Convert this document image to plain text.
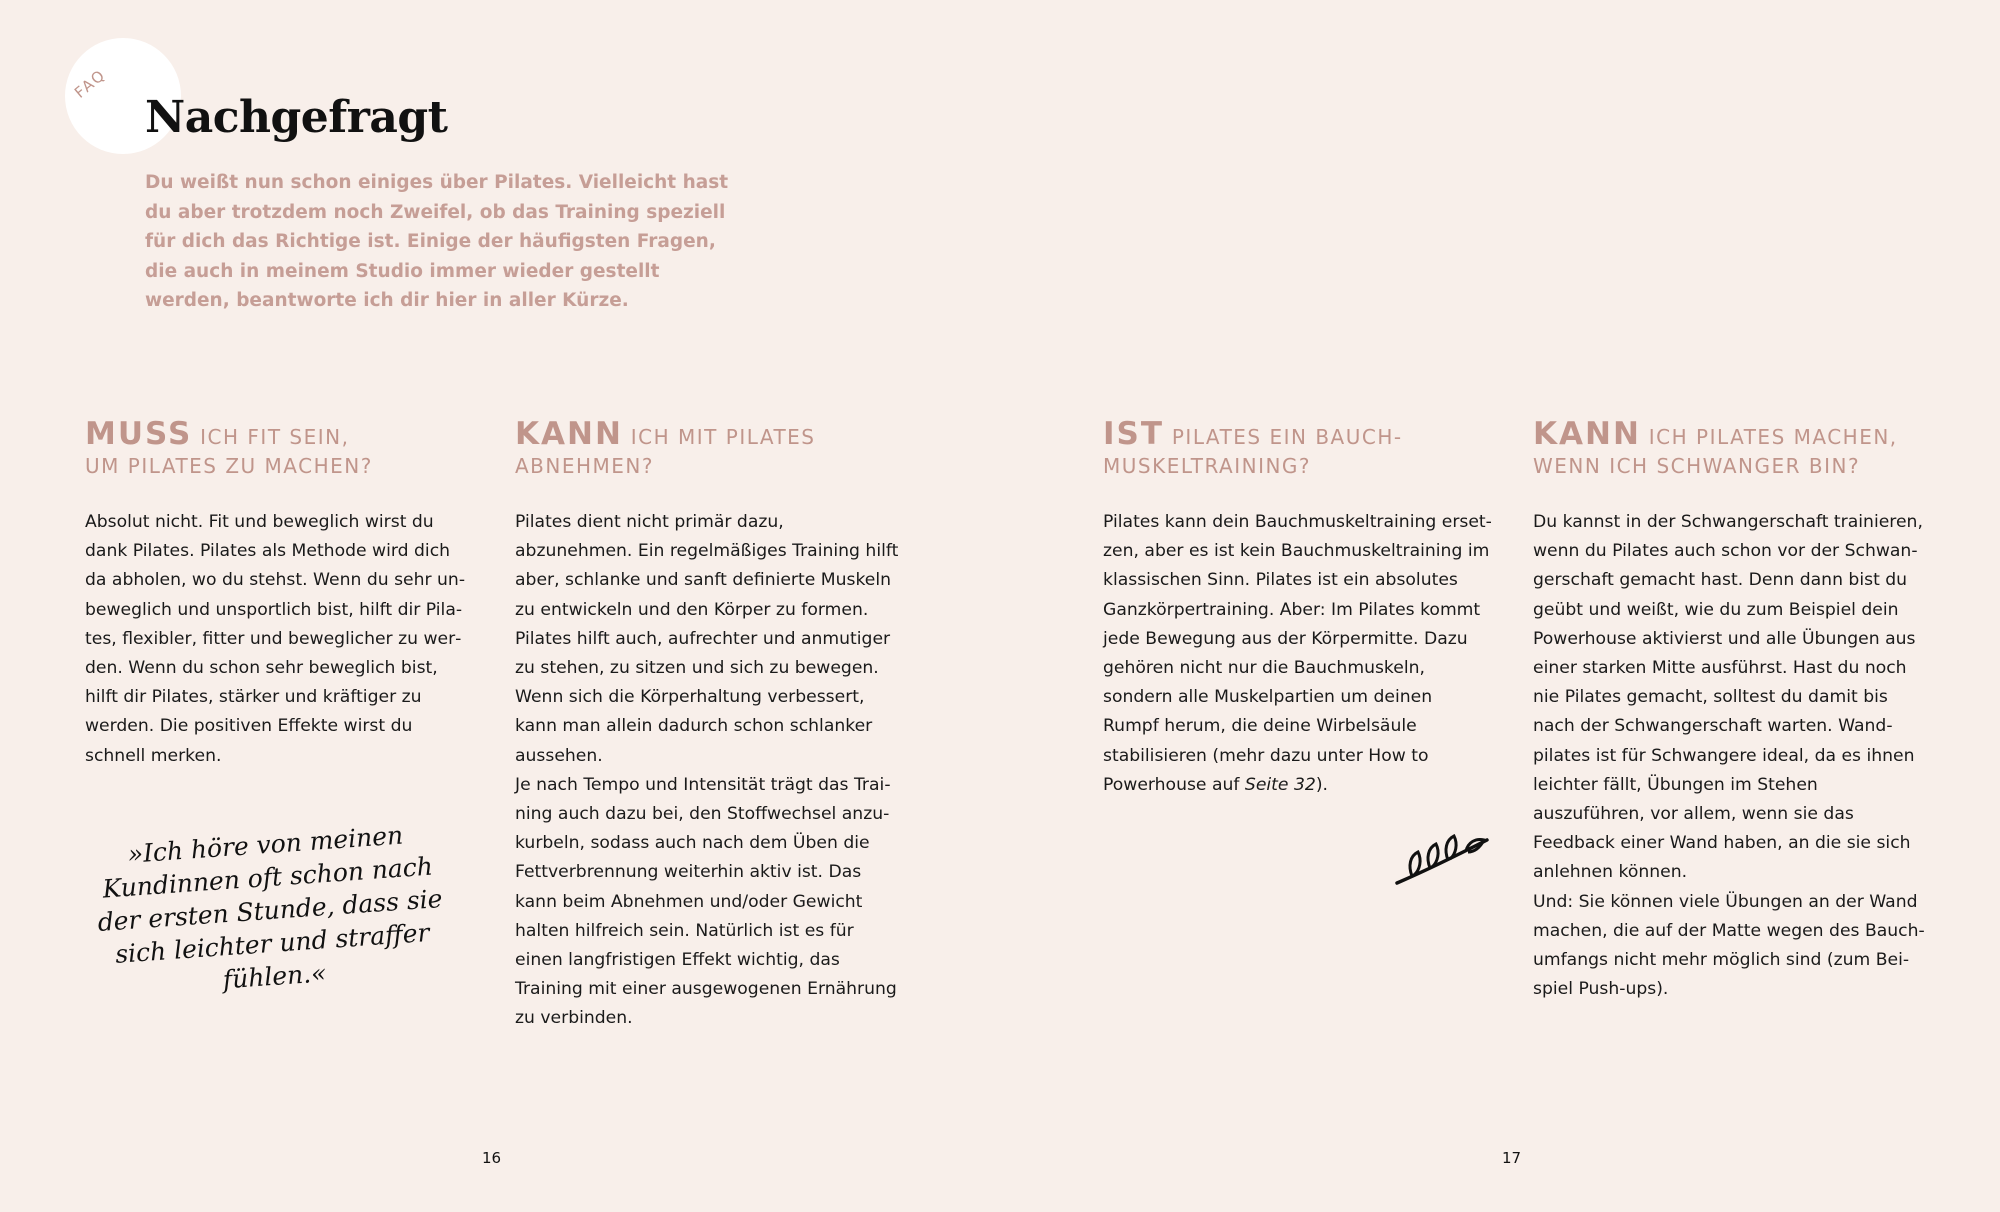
FAQ
Nachgefragt

Du weißt nun schon einiges über Pilates. Vielleicht hast du aber trotzdem noch Zweifel, ob das Training speziell für dich das Richtige ist. Einige der häufigsten Fragen, die auch in meinem Studio immer wieder gestellt werden, beantworte ich dir hier in aller Kürze.

MUSS ICH FIT SEIN,
UM PILATES ZU MACHEN?

Absolut nicht. Fit und beweglich wirst du dank Pilates. Pilates als Methode wird dich da abholen, wo du stehst. Wenn du sehr unbeweglich und unsportlich bist, hilft dir Pilates, flexibler, fitter und beweglicher zu werden. Wenn du schon sehr beweglich bist, hilft dir Pilates, stärker und kräftiger zu werden. Die positiven Effekte wirst du schnell merken.

KANN ICH MIT PILATES
ABNEHMEN?

Pilates dient nicht primär dazu, abzunehmen. Ein regelmäßiges Training hilft aber, schlanke und sanft definierte Muskeln zu entwickeln und den Körper zu formen. Pilates hilft auch, aufrechter und anmutiger zu stehen, zu sitzen und sich zu bewegen. Wenn sich die Körperhaltung verbessert, kann man allein dadurch schon schlanker aussehen.
Je nach Tempo und Intensität trägt das Training auch dazu bei, den Stoffwechsel anzukurbeln, sodass auch nach dem Üben die Fettverbrennung weiterhin aktiv ist. Das kann beim Abnehmen und/oder Gewicht halten hilfreich sein. Natürlich ist es für einen langfristigen Effekt wichtig, das Training mit einer ausgewogenen Ernährung zu verbinden.

IST PILATES EIN BAUCH-
MUSKELTRAINING?

Pilates kann dein Bauchmuskeltraining ersetzen, aber es ist kein Bauchmuskeltraining im klassischen Sinn. Pilates ist ein absolutes Ganzkörpertraining. Aber: Im Pilates kommt jede Bewegung aus der Körpermitte. Dazu gehören nicht nur die Bauchmuskeln, sondern alle Muskelpartien um deinen Rumpf herum, die deine Wirbelsäule stabilisieren (mehr dazu unter How to Powerhouse auf Seite 32).

KANN ICH PILATES MACHEN,
WENN ICH SCHWANGER BIN?

Du kannst in der Schwangerschaft trainieren, wenn du Pilates auch schon vor der Schwangerschaft gemacht hast. Denn dann bist du geübt und weißt, wie du zum Beispiel dein Powerhouse aktivierst und alle Übungen aus einer starken Mitte ausführst. Hast du noch nie Pilates gemacht, solltest du damit bis nach der Schwangerschaft warten. Wandpilates ist für Schwangere ideal, da es ihnen leichter fällt, Übungen im Stehen auszuführen, vor allem, wenn sie das Feedback einer Wand haben, an die sie sich anlehnen können.
Und: Sie können viele Übungen an der Wand machen, die auf der Matte wegen des Bauchumfangs nicht mehr möglich sind (zum Beispiel Push-ups).

»Ich höre von meinen Kundinnen oft schon nach der ersten Stunde, dass sie sich leichter und straffer fühlen.«
16	17
